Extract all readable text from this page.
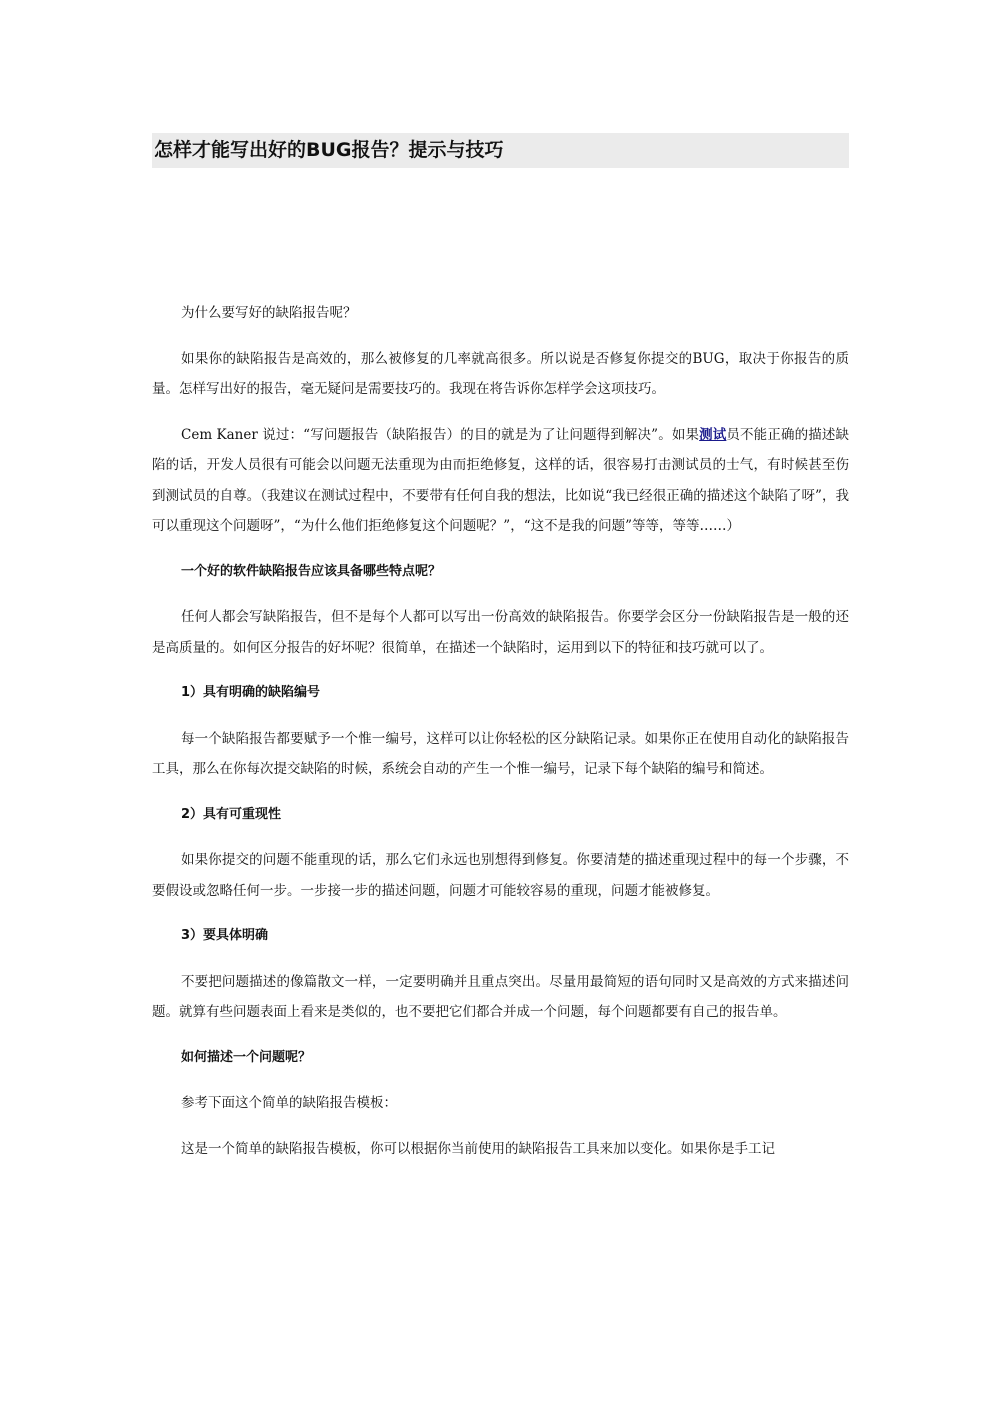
怎样才能写出好的BUG报告？提示与技巧

为什么要写好的缺陷报告呢？

如果你的缺陷报告是高效的，那么被修复的几率就高很多。所以说是否修复你提交的BUG，取决于你报告的质量。怎样写出好的报告，毫无疑问是需要技巧的。我现在将告诉你怎样学会这项技巧。

Cem Kaner 说过：“写问题报告（缺陷报告）的目的就是为了让问题得到解决”。如果测试员不能正确的描述缺陷的话，开发人员很有可能会以问题无法重现为由而拒绝修复，这样的话，很容易打击测试员的士气，有时候甚至伤到测试员的自尊。（我建议在测试过程中，不要带有任何自我的想法，比如说“我已经很正确的描述这个缺陷了呀”，我可以重现这个问题呀”，“为什么他们拒绝修复这个问题呢？”，“这不是我的问题”等等，等等……）

一个好的软件缺陷报告应该具备哪些特点呢？

任何人都会写缺陷报告，但不是每个人都可以写出一份高效的缺陷报告。你要学会区分一份缺陷报告是一般的还是高质量的。如何区分报告的好坏呢？很简单，在描述一个缺陷时，运用到以下的特征和技巧就可以了。

1）具有明确的缺陷编号

每一个缺陷报告都要赋予一个惟一编号，这样可以让你轻松的区分缺陷记录。如果你正在使用自动化的缺陷报告工具，那么在你每次提交缺陷的时候，系统会自动的产生一个惟一编号，记录下每个缺陷的编号和简述。

2）具有可重现性

如果你提交的问题不能重现的话，那么它们永远也别想得到修复。你要清楚的描述重现过程中的每一个步骤，不要假设或忽略任何一步。一步接一步的描述问题，问题才可能较容易的重现，问题才能被修复。

3）要具体明确

不要把问题描述的像篇散文一样，一定要明确并且重点突出。尽量用最简短的语句同时又是高效的方式来描述问题。就算有些问题表面上看来是类似的，也不要把它们都合并成一个问题，每个问题都要有自己的报告单。

如何描述一个问题呢？

参考下面这个简单的缺陷报告模板：

这是一个简单的缺陷报告模板，你可以根据你当前使用的缺陷报告工具来加以变化。如果你是手工记
